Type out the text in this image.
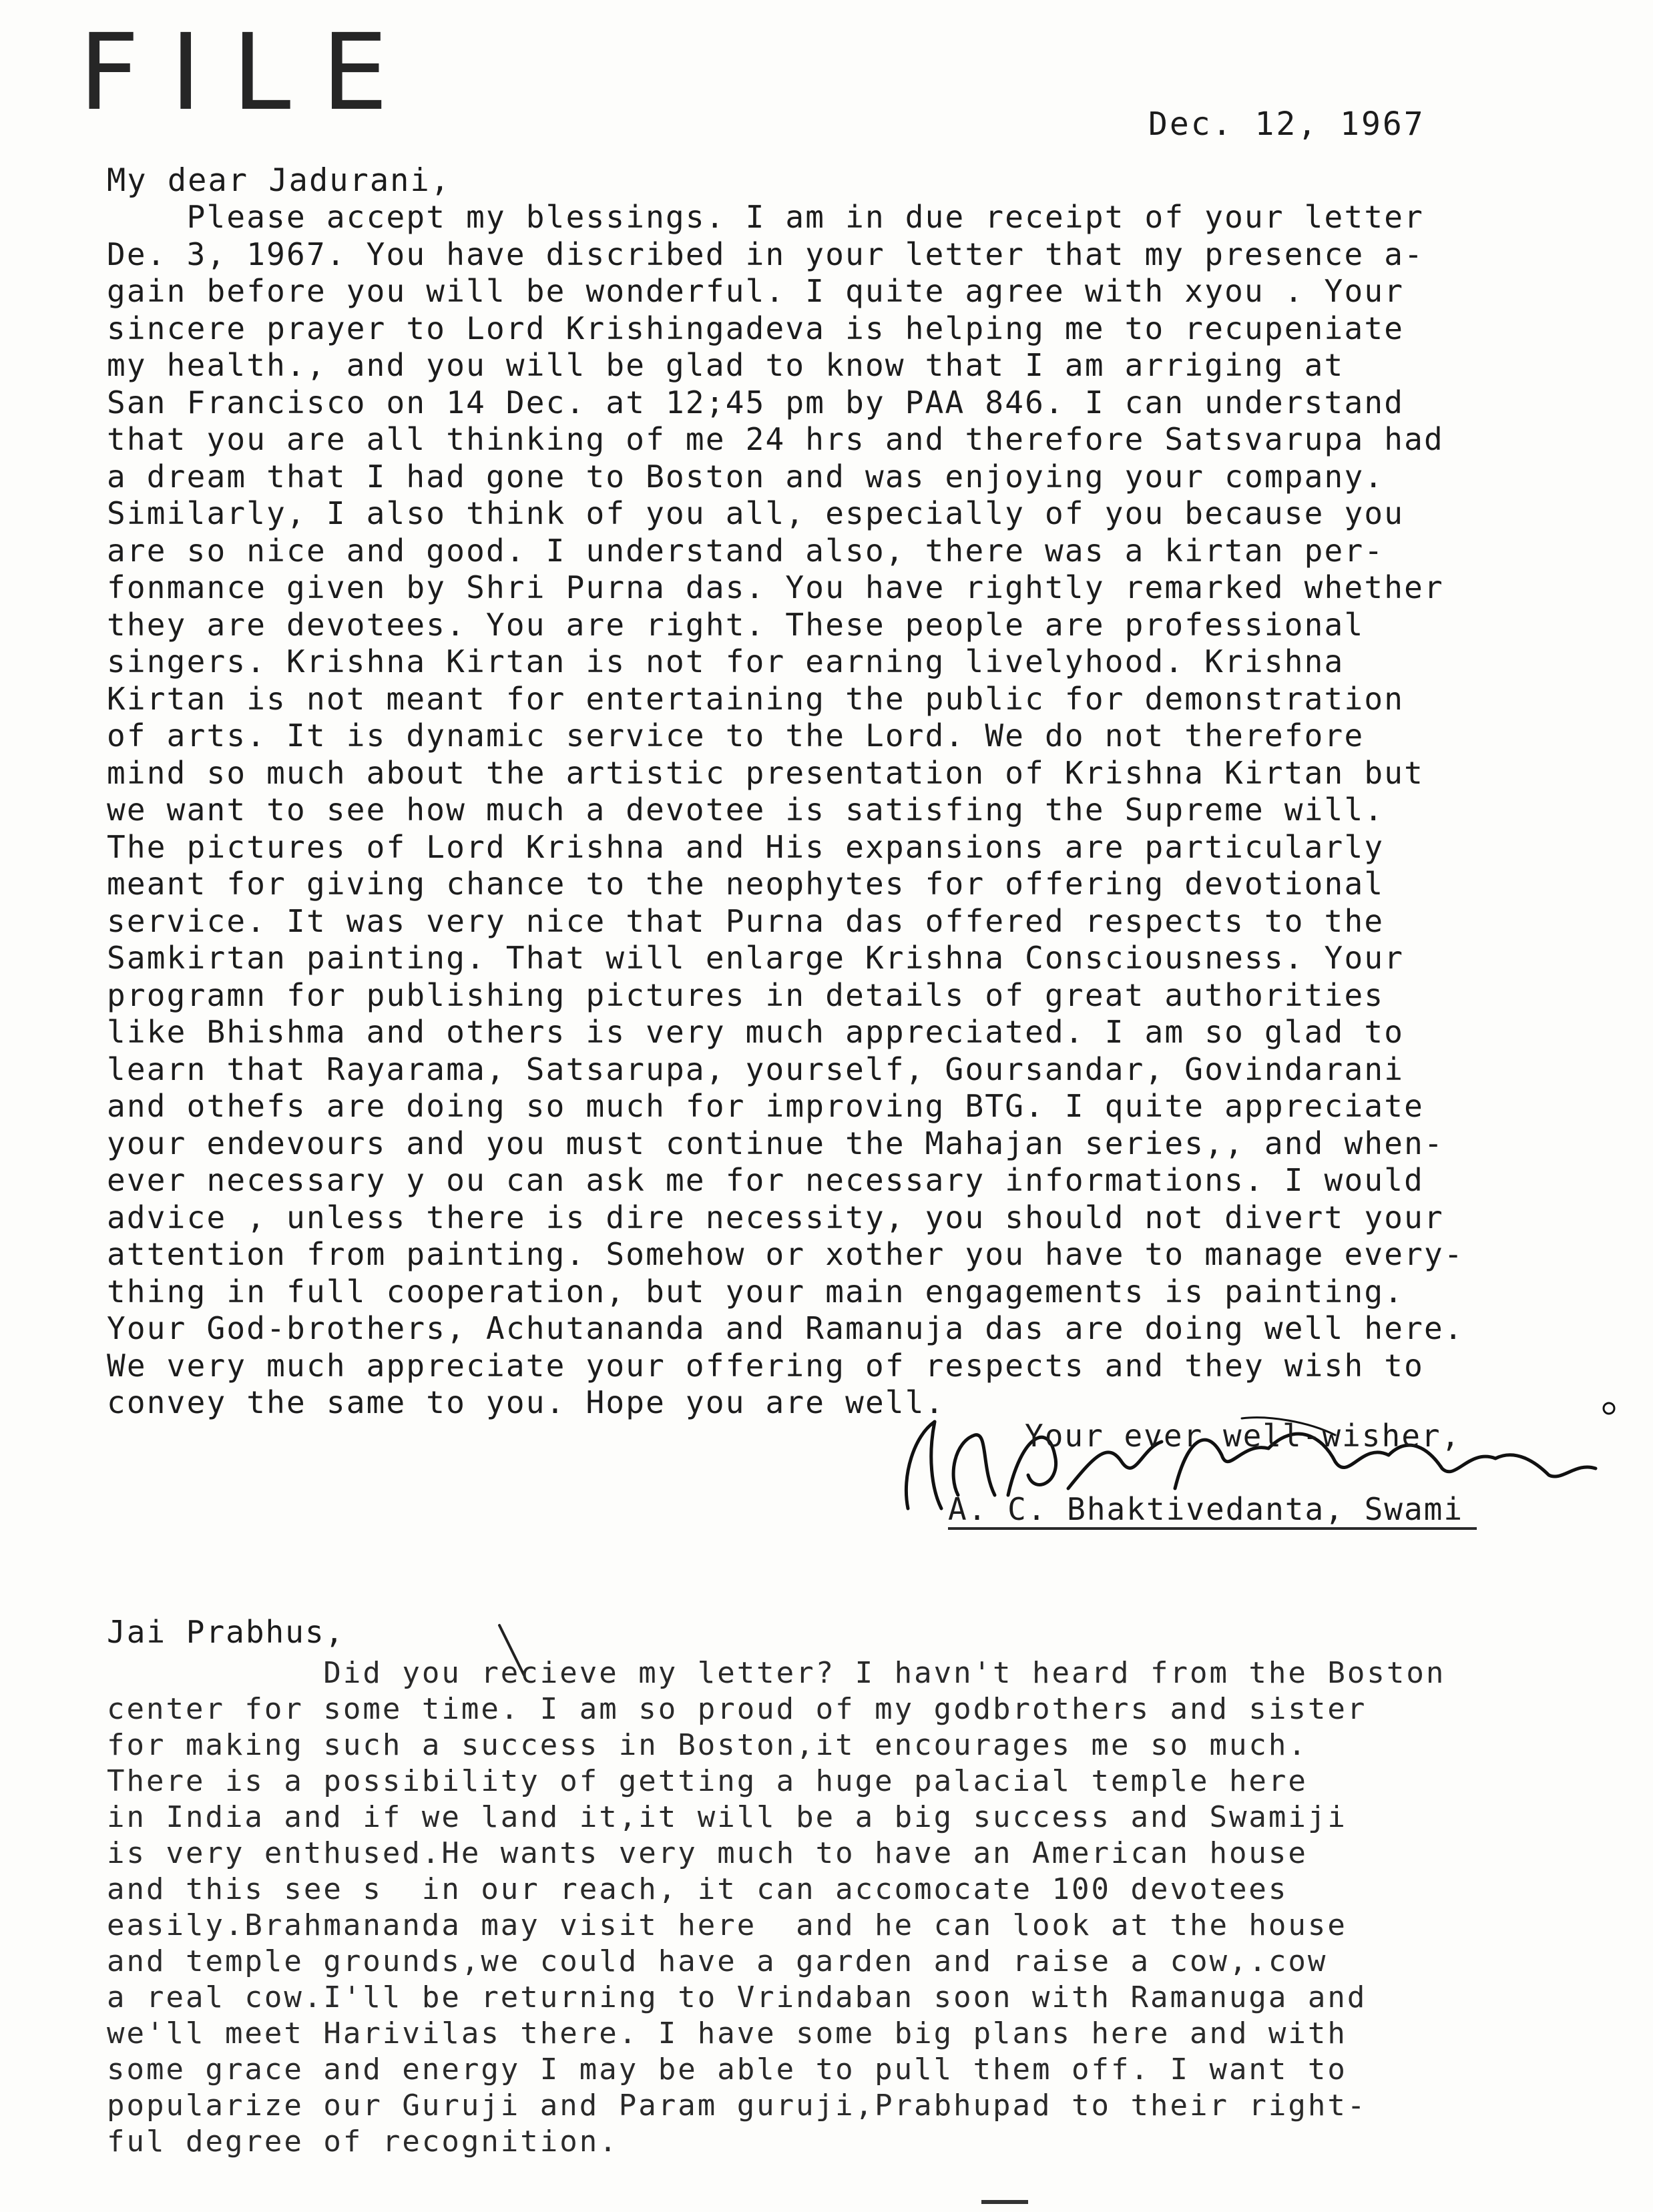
FILE	Dec. 12, 1967
My dear Jadurani,
Please accept my blessings. I am in due receipt of your letter
De. 3, 1967. You have discribed in your letter that my presence a-
gain before you will be wonderful. I quite agree with xyou . Your
sincere prayer to Lord Krishingadeva is helping me to recupeniate
my health., and you will be glad to know that I am arriging at
San Francisco on 14 Dec. at 12;45 pm by PAA 846. I can understand
that you are all thinking of me 24 hrs and therefore Satsvarupa had
a dream that I had gone to Boston and was enjoying your company.
Similarly, I also think of you all, especially of you because you
are so nice and good. I understand also, there was a kirtan per-
fonmance given by Shri Purna das. You have rightly remarked whether
they are devotees. You are right. These people are professional
singers. Krishna Kirtan is not for earning livelyhood. Krishna
Kirtan is not meant for entertaining the public for demonstration
of arts. It is dynamic service to the Lord. We do not therefore
mind so much about the artistic presentation of Krishna Kirtan but
we want to see how much a devotee is satisfing the Supreme will.
The pictures of Lord Krishna and His expansions are particularly
meant for giving chance to the neophytes for offering devotional
service. It was very nice that Purna das offered respects to the
Samkirtan painting. That will enlarge Krishna Consciousness. Your
programn for publishing pictures in details of great authorities
like Bhishma and others is very much appreciated. I am so glad to
learn that Rayarama, Satsarupa, yourself, Goursandar, Govindarani
and othefs are doing so much for improving BTG. I quite appreciate
your endevours and you must continue the Mahajan series,, and when-
ever necessary y ou can ask me for necessary informations. I would
advice , unless there is dire necessity, you should not divert your
attention from painting. Somehow or xother you have to manage every-
thing in full cooperation, but your main engagements is painting.
Your God-brothers, Achutananda and Ramanuja das are doing well here.
We very much appreciate your offering of respects and they wish to
convey the same to you. Hope you are well.
Your ever well-wisher,
A. C. Bhaktivedanta, Swami
Jai Prabhus,
Did you recieve my letter? I havn't heard from the Boston
center for some time. I am so proud of my godbrothers and sister
for making such a success in Boston,it encourages me so much.
There is a possibility of getting a huge palacial temple here
in India and if we land it,it will be a big success and Swamiji
is very enthused.He wants very much to have an American house
and this see s  in our reach, it can accomocate 100 devotees
easily.Brahmananda may visit here  and he can look at the house
and temple grounds,we could have a garden and raise a cow,.cow
a real cow.I'll be returning to Vrindaban soon with Ramanuga and
we'll meet Harivilas there. I have some big plans here and with
some grace and energy I may be able to pull them off. I want to
popularize our Guruji and Param guruji,Prabhupad to their right-
ful degree of recognition.
